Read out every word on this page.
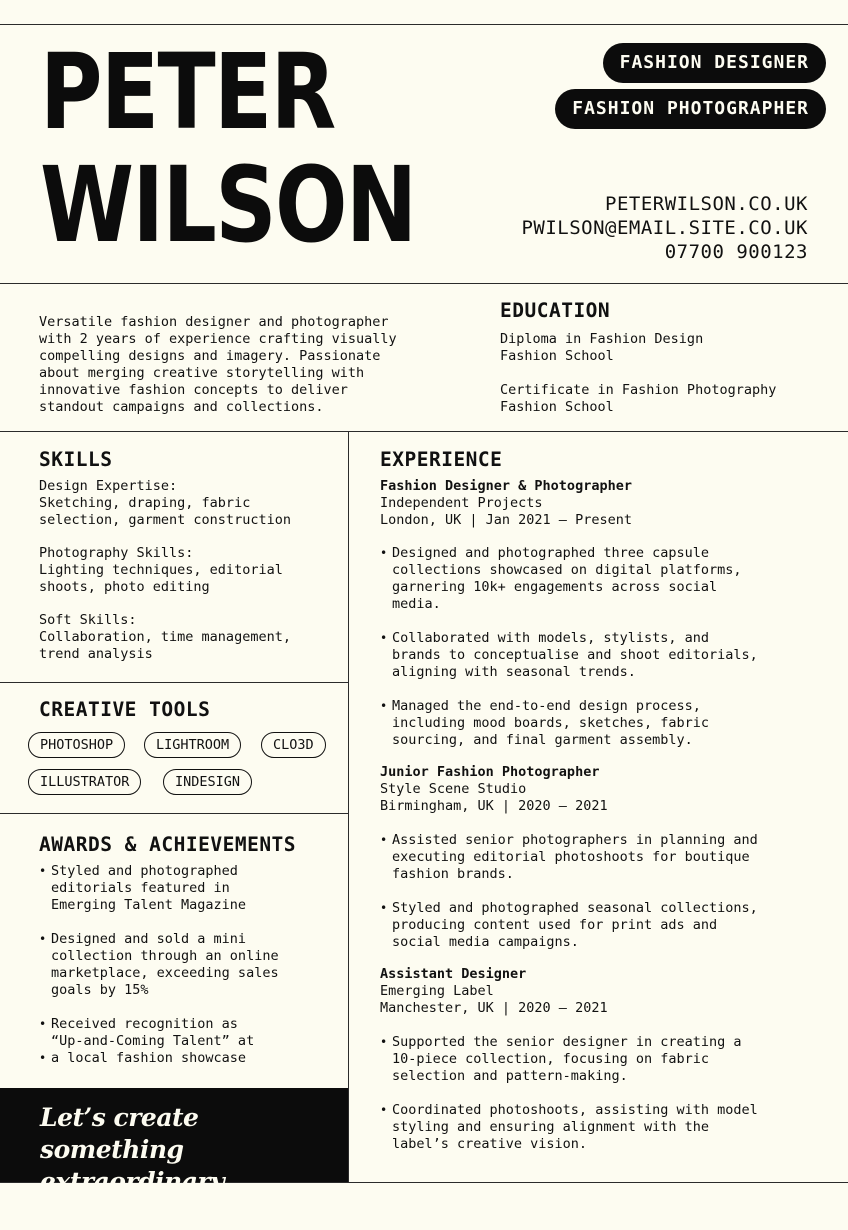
PETER
WILSON
FASHION DESIGNER
FASHION PHOTOGRAPHER
PETERWILSON.CO.UK
PWILSON@EMAIL.SITE.CO.UK
07700 900123
Versatile fashion designer and photographer
with 2 years of experience crafting visually
compelling designs and imagery. Passionate
about merging creative storytelling with
innovative fashion concepts to deliver
standout campaigns and collections.
EDUCATION
Diploma in Fashion Design
Fashion School
Certificate in Fashion Photography
Fashion School
SKILLS
Design Expertise:
Sketching, draping, fabric
selection, garment construction
Photography Skills:
Lighting techniques, editorial
shoots, photo editing
Soft Skills:
Collaboration, time management,
trend analysis
CREATIVE TOOLS
PHOTOSHOP	LIGHTROOM	CLO3D
ILLUSTRATOR	INDESIGN
AWARDS & ACHIEVEMENTS
• Styled and photographed
editorials featured in
Emerging Talent Magazine
• Designed and sold a mini
collection through an online
marketplace, exceeding sales
goals by 15%
• Received recognition as
“Up-and-Coming Talent” at
• a local fashion showcase
Let’s create something
extraordinary together
EXPERIENCE
Fashion Designer & Photographer
Independent Projects
London, UK | Jan 2021 – Present
• Designed and photographed three capsule
collections showcased on digital platforms,
garnering 10k+ engagements across social
media.
• Collaborated with models, stylists, and
brands to conceptualise and shoot editorials,
aligning with seasonal trends.
• Managed the end-to-end design process,
including mood boards, sketches, fabric
sourcing, and final garment assembly.
Junior Fashion Photographer
Style Scene Studio
Birmingham, UK | 2020 – 2021
• Assisted senior photographers in planning and
executing editorial photoshoots for boutique
fashion brands.
• Styled and photographed seasonal collections,
producing content used for print ads and
social media campaigns.
Assistant Designer
Emerging Label
Manchester, UK | 2020 – 2021
• Supported the senior designer in creating a
10-piece collection, focusing on fabric
selection and pattern-making.
• Coordinated photoshoots, assisting with model
styling and ensuring alignment with the
label’s creative vision.
